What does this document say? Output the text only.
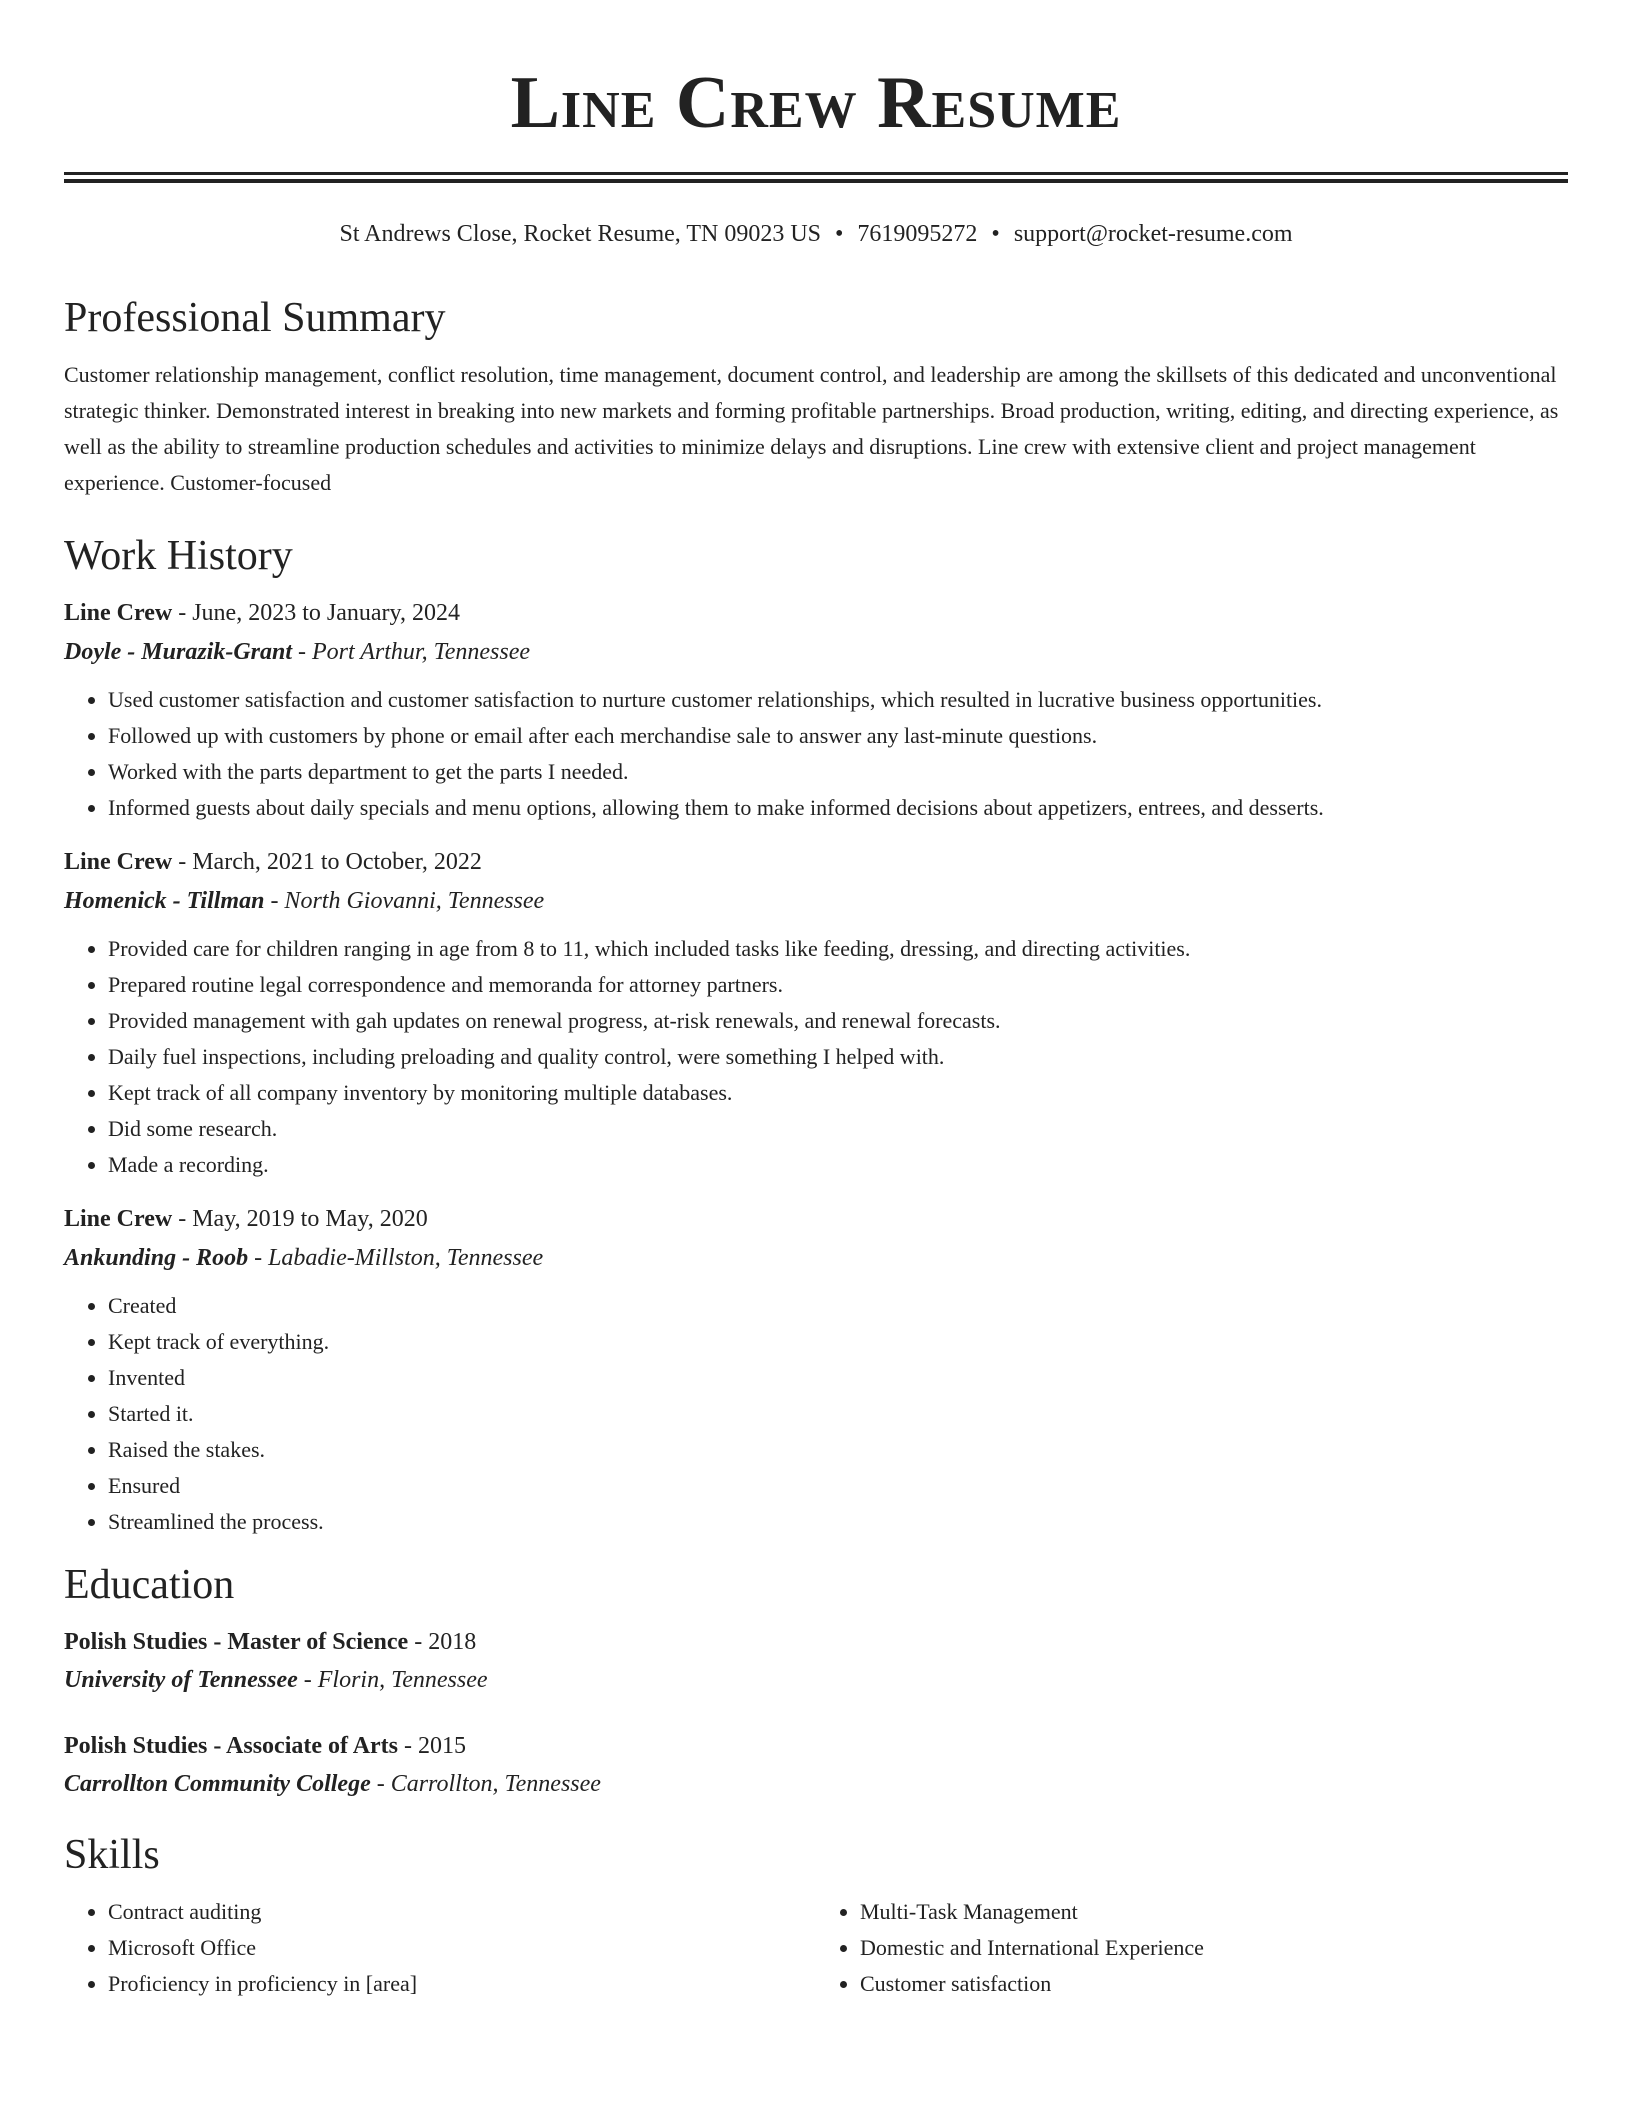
Line Crew Resume
St Andrews Close, Rocket Resume, TN 09023 US • 7619095272 • support@rocket-resume.com
Professional Summary
Customer relationship management, conflict resolution, time management, document control, and leadership are among the skillsets of this dedicated and unconventional strategic thinker. Demonstrated interest in breaking into new markets and forming profitable partnerships. Broad production, writing, editing, and directing experience, as well as the ability to streamline production schedules and activities to minimize delays and disruptions. Line crew with extensive client and project management experience. Customer-focused
Work History
Line Crew - June, 2023 to January, 2024
Doyle - Murazik-Grant - Port Arthur, Tennessee
• Used customer satisfaction and customer satisfaction to nurture customer relationships, which resulted in lucrative business opportunities.
• Followed up with customers by phone or email after each merchandise sale to answer any last-minute questions.
• Worked with the parts department to get the parts I needed.
• Informed guests about daily specials and menu options, allowing them to make informed decisions about appetizers, entrees, and desserts.
Line Crew - March, 2021 to October, 2022
Homenick - Tillman - North Giovanni, Tennessee
• Provided care for children ranging in age from 8 to 11, which included tasks like feeding, dressing, and directing activities.
• Prepared routine legal correspondence and memoranda for attorney partners.
• Provided management with gah updates on renewal progress, at-risk renewals, and renewal forecasts.
• Daily fuel inspections, including preloading and quality control, were something I helped with.
• Kept track of all company inventory by monitoring multiple databases.
• Did some research.
• Made a recording.
Line Crew - May, 2019 to May, 2020
Ankunding - Roob - Labadie-Millston, Tennessee
• Created
• Kept track of everything.
• Invented
• Started it.
• Raised the stakes.
• Ensured
• Streamlined the process.
Education
Polish Studies - Master of Science - 2018
University of Tennessee - Florin, Tennessee
Polish Studies - Associate of Arts - 2015
Carrollton Community College - Carrollton, Tennessee
Skills
• Contract auditing
• Microsoft Office
• Proficiency in proficiency in [area]
• Multi-Task Management
• Domestic and International Experience
• Customer satisfaction
